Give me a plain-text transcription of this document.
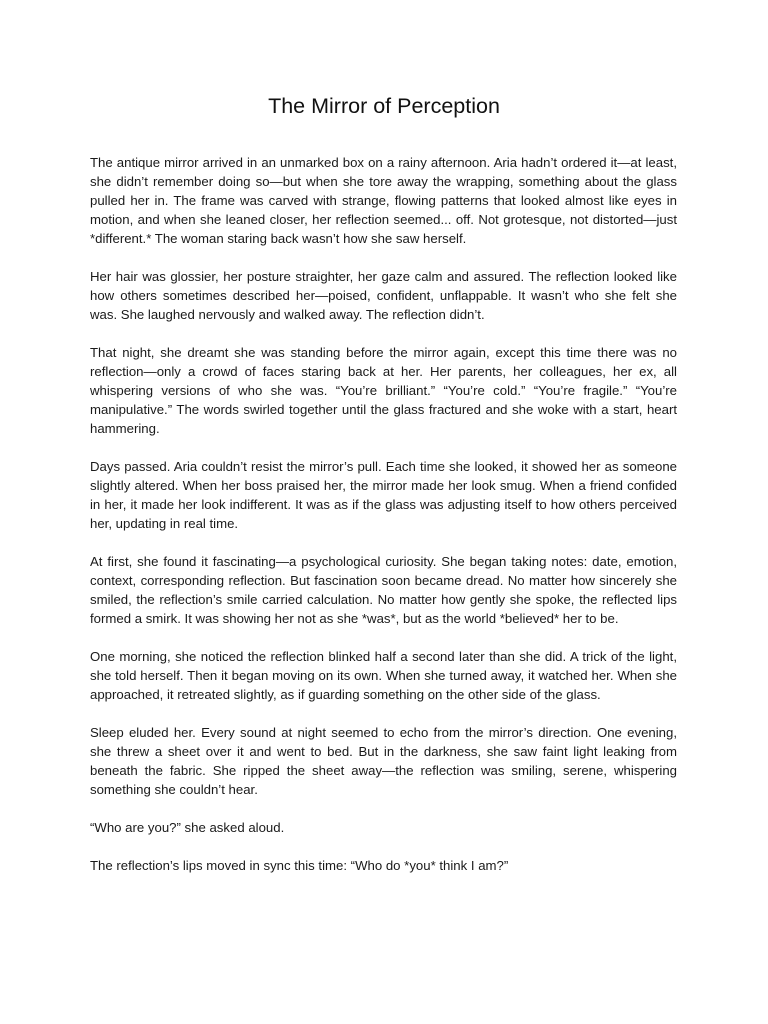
The Mirror of Perception

The antique mirror arrived in an unmarked box on a rainy afternoon. Aria hadn’t ordered it—at least, she didn’t remember doing so—but when she tore away the wrapping, something about the glass pulled her in. The frame was carved with strange, flowing patterns that looked almost like eyes in motion, and when she leaned closer, her reflection seemed... off. Not grotesque, not distorted—just *different.* The woman staring back wasn’t how she saw herself.

Her hair was glossier, her posture straighter, her gaze calm and assured. The reflection looked like how others sometimes described her—poised, confident, unflappable. It wasn’t who she felt she was. She laughed nervously and walked away. The reflection didn’t.

That night, she dreamt she was standing before the mirror again, except this time there was no reflection—only a crowd of faces staring back at her. Her parents, her colleagues, her ex, all whispering versions of who she was. “You’re brilliant.” “You’re cold.” “You’re fragile.” “You’re manipulative.” The words swirled together until the glass fractured and she woke with a start, heart hammering.

Days passed. Aria couldn’t resist the mirror’s pull. Each time she looked, it showed her as someone slightly altered. When her boss praised her, the mirror made her look smug. When a friend confided in her, it made her look indifferent. It was as if the glass was adjusting itself to how others perceived her, updating in real time.

At first, she found it fascinating—a psychological curiosity. She began taking notes: date, emotion, context, corresponding reflection. But fascination soon became dread. No matter how sincerely she smiled, the reflection’s smile carried calculation. No matter how gently she spoke, the reflected lips formed a smirk. It was showing her not as she *was*, but as the world *believed* her to be.

One morning, she noticed the reflection blinked half a second later than she did. A trick of the light, she told herself. Then it began moving on its own. When she turned away, it watched her. When she approached, it retreated slightly, as if guarding something on the other side of the glass.

Sleep eluded her. Every sound at night seemed to echo from the mirror’s direction. One evening, she threw a sheet over it and went to bed. But in the darkness, she saw faint light leaking from beneath the fabric. She ripped the sheet away—the reflection was smiling, serene, whispering something she couldn’t hear.

“Who are you?” she asked aloud.

The reflection’s lips moved in sync this time: “Who do *you* think I am?”
